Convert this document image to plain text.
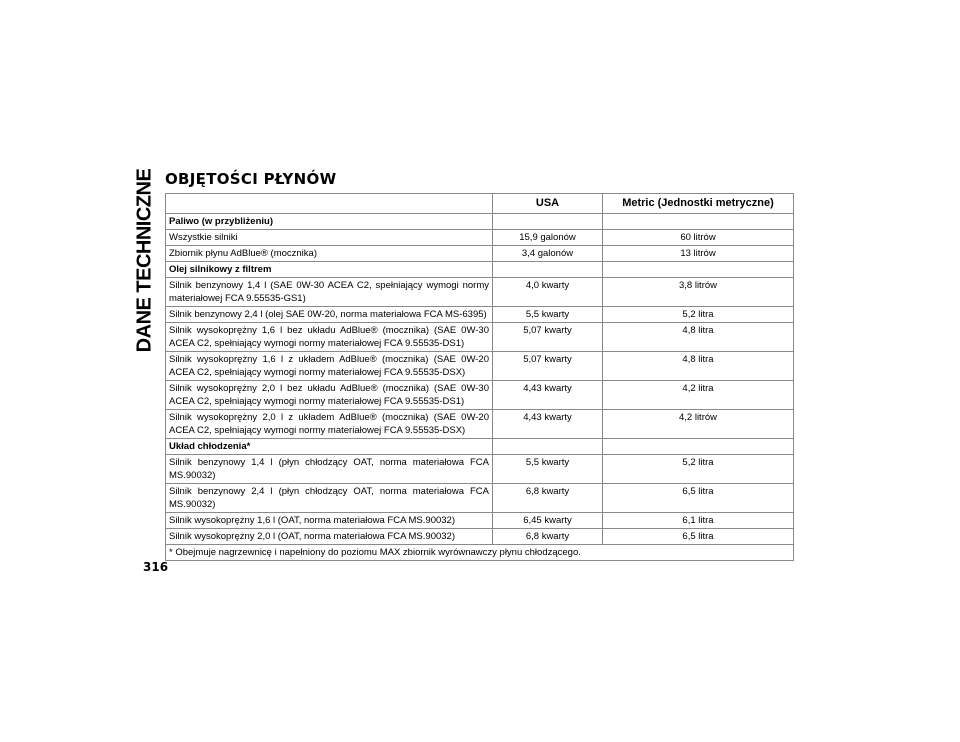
DANE TECHNICZNE OBJĘTOŚCI PŁYNÓW
	USA	Metric (Jednostki metryczne)
Paliwo (w przybliżeniu)		
Wszystkie silniki	15,9 galonów	60 litrów
Zbiornik płynu AdBlue® (mocznika)	3,4 galonów	13 litrów
Olej silnikowy z filtrem		
Silnik benzynowy 1,4 l (SAE 0W-30 ACEA C2, spełniający wymogi normy materiałowej FCA 9.55535-GS1)	4,0 kwarty	3,8 litrów
Silnik benzynowy 2,4 l (olej SAE 0W-20, norma materiałowa FCA MS-6395)	5,5 kwarty	5,2 litra
Silnik wysokoprężny 1,6 l bez układu AdBlue® (mocznika) (SAE 0W-30 ACEA C2, spełniający wymogi normy materiałowej FCA 9.55535-DS1)	5,07 kwarty	4,8 litra
Silnik wysokoprężny 1,6 l z układem AdBlue® (mocznika) (SAE 0W-20 ACEA C2, spełniający wymogi normy materiałowej FCA 9.55535-DSX)	5,07 kwarty	4,8 litra
Silnik wysokoprężny 2,0 l bez układu AdBlue® (mocznika) (SAE 0W-30 ACEA C2, spełniający wymogi normy materiałowej FCA 9.55535-DS1)	4,43 kwarty	4,2 litra
Silnik wysokoprężny 2,0 l z układem AdBlue® (mocznika) (SAE 0W-20 ACEA C2, spełniający wymogi normy materiałowej FCA 9.55535-DSX)	4,43 kwarty	4,2 litrów
Układ chłodzenia*		
Silnik benzynowy 1,4 l (płyn chłodzący OAT, norma materiałowa FCA MS.90032)	5,5 kwarty	5,2 litra
Silnik benzynowy 2,4 l (płyn chłodzący OAT, norma materiałowa FCA MS.90032)	6,8 kwarty	6,5 litra
Silnik wysokoprężny 1,6 l (OAT, norma materiałowa FCA MS.90032)	6,45 kwarty	6,1 litra
Silnik wysokoprężny 2,0 l (OAT, norma materiałowa FCA MS.90032)	6,8 kwarty	6,5 litra
* Obejmuje nagrzewnicę i napełniony do poziomu MAX zbiornik wyrównawczy płynu chłodzącego.		
316
